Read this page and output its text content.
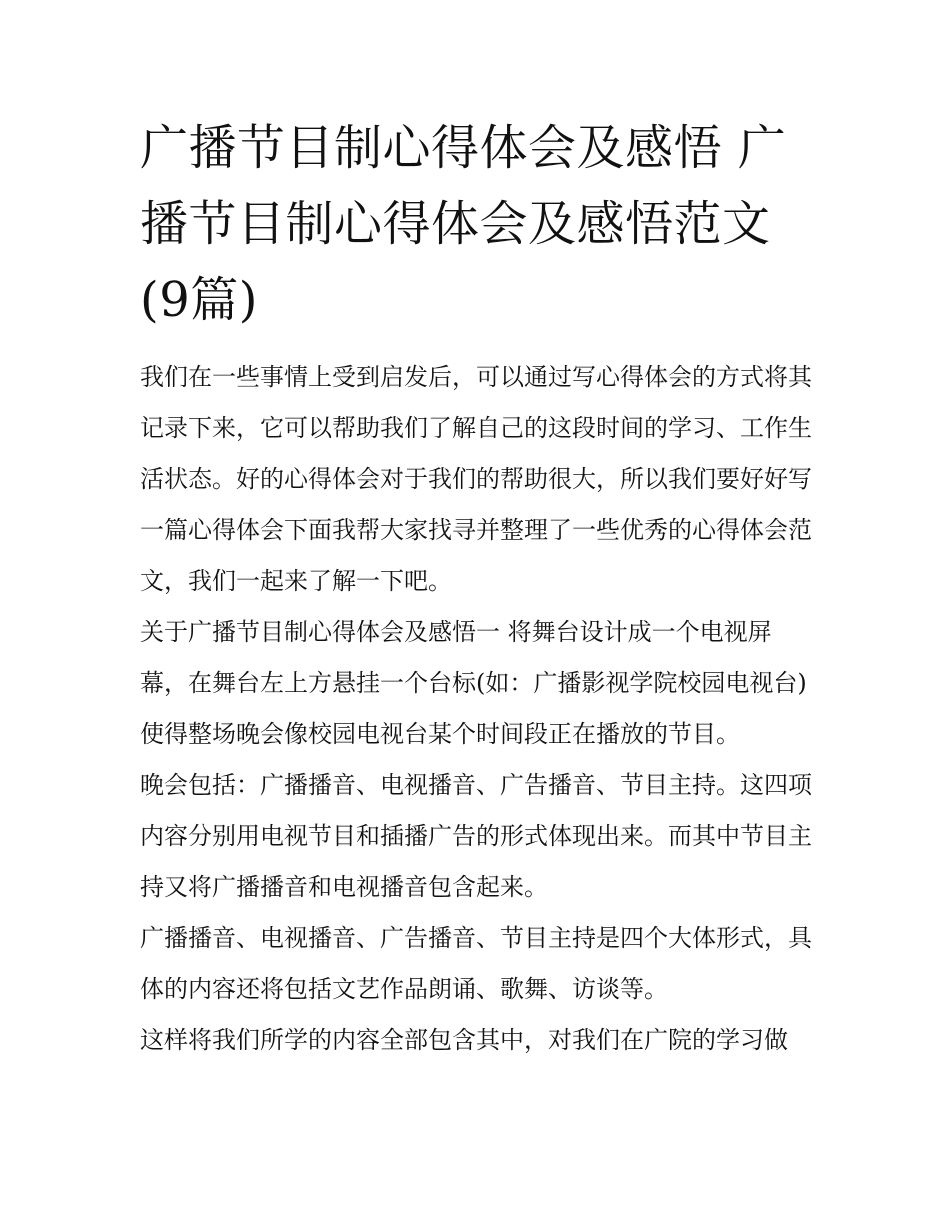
广播节目制心得体会及感悟 广播节目制心得体会及感悟范文(9篇)

我们在一些事情上受到启发后，可以通过写心得体会的方式将其记录下来，它可以帮助我们了解自己的这段时间的学习、工作生活状态。好的心得体会对于我们的帮助很大，所以我们要好好写一篇心得体会下面我帮大家找寻并整理了一些优秀的心得体会范文，我们一起来了解一下吧。

关于广播节目制心得体会及感悟一 将舞台设计成一个电视屏幕，在舞台左上方悬挂一个台标(如：广播影视学院校园电视台)

使得整场晚会像校园电视台某个时间段正在播放的节目。

晚会包括：广播播音、电视播音、广告播音、节目主持。这四项内容分别用电视节目和插播广告的形式体现出来。而其中节目主持又将广播播音和电视播音包含起来。

广播播音、电视播音、广告播音、节目主持是四个大体形式，具体的内容还将包括文艺作品朗诵、歌舞、访谈等。

这样将我们所学的内容全部包含其中，对我们在广院的学习做
